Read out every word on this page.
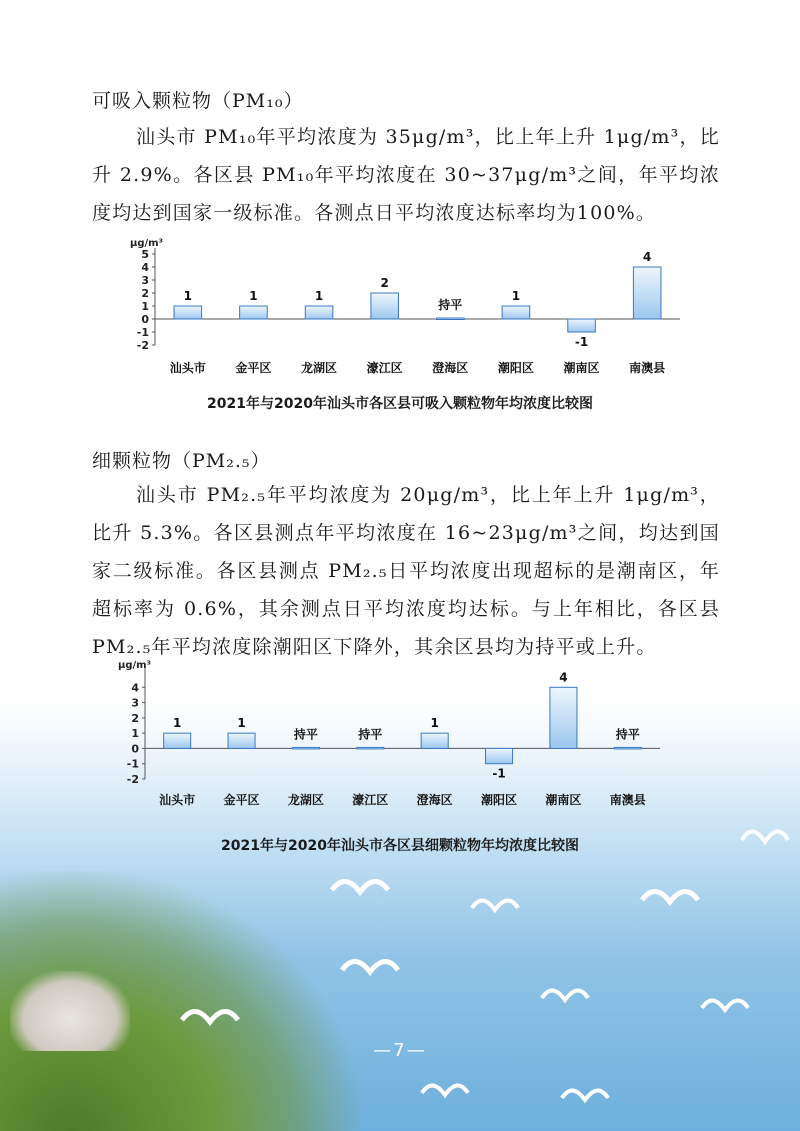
可吸入颗粒物（PM₁₀）
汕头市 PM₁₀年平均浓度为 35μg/m³，比上年上升 1μg/m³，比升 2.9%。各区县 PM₁₀年平均浓度在 30~37μg/m³之间，年平均浓度均达到国家一级标准。各测点日平均浓度达标率均为100%。
μg/m³
-2
-1
0
1
2
3
4
5
1
汕头市
1
金平区
1
龙湖区
2
濠江区
持平
澄海区
1
潮阳区
-1
潮南区
4
南澳县
2021年与2020年汕头市各区县可吸入颗粒物年均浓度比较图
细颗粒物（PM₂.₅）
汕头市 PM₂.₅年平均浓度为 20μg/m³，比上年上升 1μg/m³，比升 5.3%。各区县测点年平均浓度在 16~23μg/m³之间，均达到国家二级标准。各区县测点 PM₂.₅日平均浓度出现超标的是潮南区，年超标率为 0.6%，其余测点日平均浓度均达标。与上年相比，各区县 PM₂.₅年平均浓度除潮阳区下降外，其余区县均为持平或上升。
μg/m³
-2
-1
0
1
2
3
4
1
汕头市
1
金平区
持平
龙湖区
持平
濠江区
1
澄海区
-1
潮阳区
4
潮南区
持平
南澳县
2021年与2020年汕头市各区县细颗粒物年均浓度比较图
—7—
